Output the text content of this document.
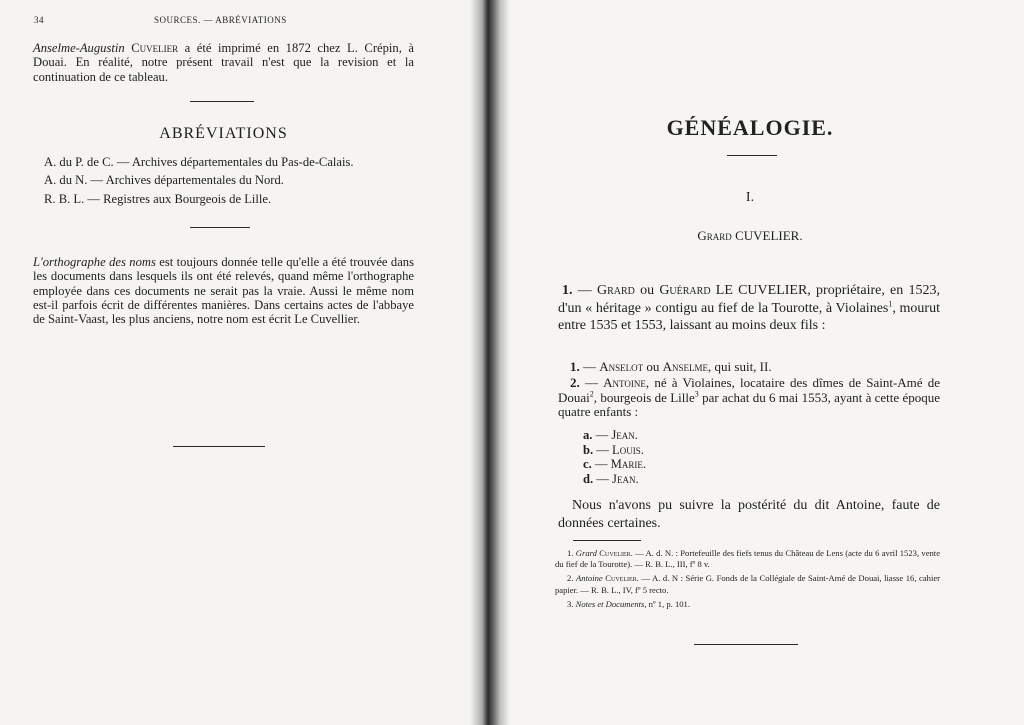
34	SOURCES. — ABRÉVIATIONS
Anselme-Augustin Cuvelier a été imprimé en 1872 chez L. Crépin, à Douai. En réalité, notre présent travail n'est que la revision et la continuation de ce tableau.
ABRÉVIATIONS
A. du P. de C. — Archives départementales du Pas-de-Calais.
A. du N. — Archives départementales du Nord.
R. B. L. — Registres aux Bourgeois de Lille.
L'orthographe des noms est toujours donnée telle qu'elle a été trouvée dans les documents dans lesquels ils ont été relevés, quand même l'orthographe employée dans ces documents ne serait pas la vraie. Aussi le même nom est-il parfois écrit de différentes manières. Dans certains actes de l'abbaye de Saint-Vaast, les plus anciens, notre nom est écrit Le Cuvellier.
GÉNÉALOGIE.
I.
Grard CUVELIER.
1. — Grard ou Guérard LE CUVELIER, propriétaire, en 1523, d'un « héritage » contigu au fief de la Tourotte, à Violaines$^1$, mourut entre 1535 et 1553, laissant au moins deux fils :
1. — Anselot ou Anselme, qui suit, II.
2. — Antoine, né à Violaines, locataire des dîmes de Saint-Amé de Douai$^2$, bourgeois de Lille$^3$ par achat du 6 mai 1553, ayant à cette époque quatre enfants :
a. — Jean.
b. — Louis.
c. — Marie.
d. — Jean.
Nous n'avons pu suivre la postérité du dit Antoine, faute de données certaines.

1. Grard Cuvelier. — A. d. N. : Portefeuille des fiefs tenus du Château de Lens (acte du 6 avril 1523, vente du fief de la Tourotte). — R. B. L., III, fº 8 v.

2. Antoine Cuvelier. — A. d. N : Série G. Fonds de la Collégiale de Saint-Amé de Douai, liasse 16, cahier papier. — R. B. L., IV, fº 5 recto.

3. Notes et Documents, nº 1, p. 101.
